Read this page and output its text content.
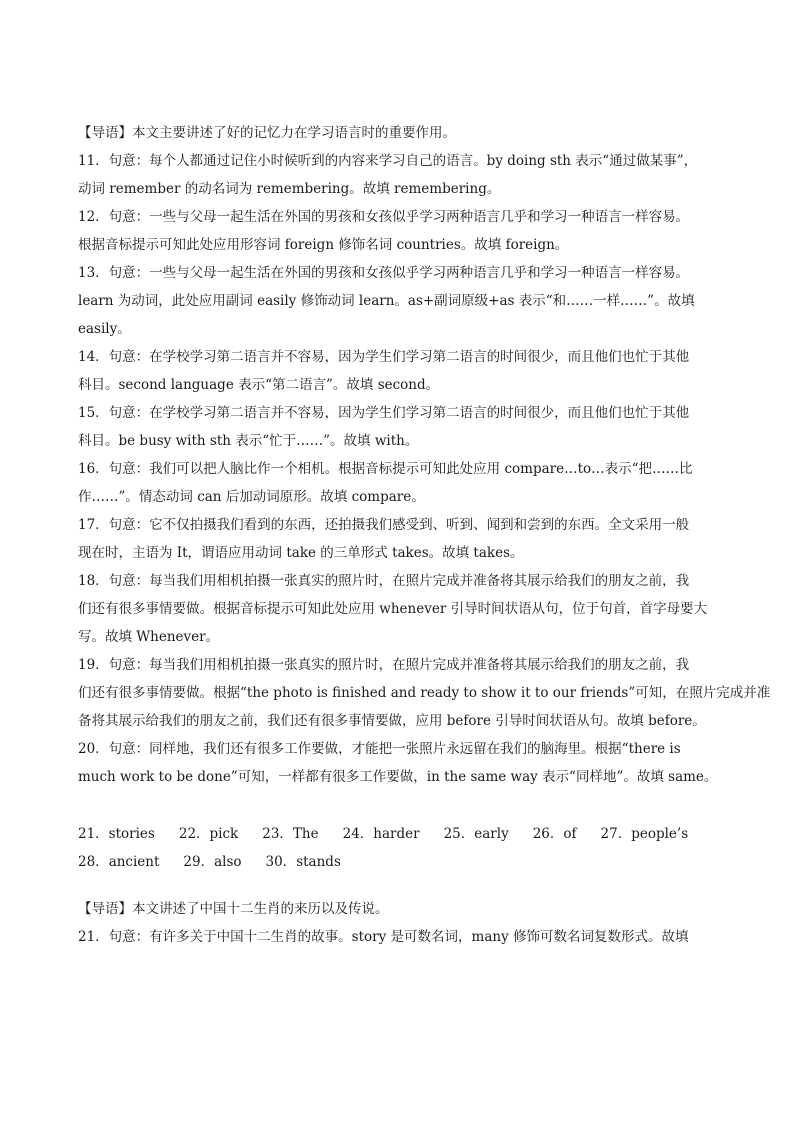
【导语】本文主要讲述了好的记忆力在学习语言时的重要作用。
11．句意：每个人都通过记住小时候听到的内容来学习自己的语言。by doing sth 表示“通过做某事”，
动词 remember 的动名词为 remembering。故填 remembering。
12．句意：一些与父母一起生活在外国的男孩和女孩似乎学习两种语言几乎和学习一种语言一样容易。
根据音标提示可知此处应用形容词 foreign 修饰名词 countries。故填 foreign。
13．句意：一些与父母一起生活在外国的男孩和女孩似乎学习两种语言几乎和学习一种语言一样容易。
learn 为动词，此处应用副词 easily 修饰动词 learn。as+副词原级+as 表示“和……一样……”。故填
easily。
14．句意：在学校学习第二语言并不容易，因为学生们学习第二语言的时间很少，而且他们也忙于其他
科目。second language 表示“第二语言”。故填 second。
15．句意：在学校学习第二语言并不容易，因为学生们学习第二语言的时间很少，而且他们也忙于其他
科目。be busy with sth 表示“忙于……”。故填 with。
16．句意：我们可以把人脑比作一个相机。根据音标提示可知此处应用 compare…to…表示“把……比
作……”。情态动词 can 后加动词原形。故填 compare。
17．句意：它不仅拍摄我们看到的东西，还拍摄我们感受到、听到、闻到和尝到的东西。全文采用一般
现在时，主语为 It，谓语应用动词 take 的三单形式 takes。故填 takes。
18．句意：每当我们用相机拍摄一张真实的照片时，在照片完成并准备将其展示给我们的朋友之前，我
们还有很多事情要做。根据音标提示可知此处应用 whenever 引导时间状语从句，位于句首，首字母要大
写。故填 Whenever。
19．句意：每当我们用相机拍摄一张真实的照片时，在照片完成并准备将其展示给我们的朋友之前，我
们还有很多事情要做。根据“the photo is finished and ready to show it to our friends”可知，在照片完成并准
备将其展示给我们的朋友之前，我们还有很多事情要做，应用 before 引导时间状语从句。故填 before。
20．句意：同样地，我们还有很多工作要做，才能把一张照片永远留在我们的脑海里。根据“there is
much work to be done”可知，一样都有很多工作要做，in the same way 表示“同样地”。故填 same。
21．stories 22．pick 23．The 24．harder 25．early 26．of 27．people’s
28． ancient 29．also 30．stands
【导语】本文讲述了中国十二生肖的来历以及传说。
21．句意：有许多关于中国十二生肖的故事。story 是可数名词，many 修饰可数名词复数形式。故填
